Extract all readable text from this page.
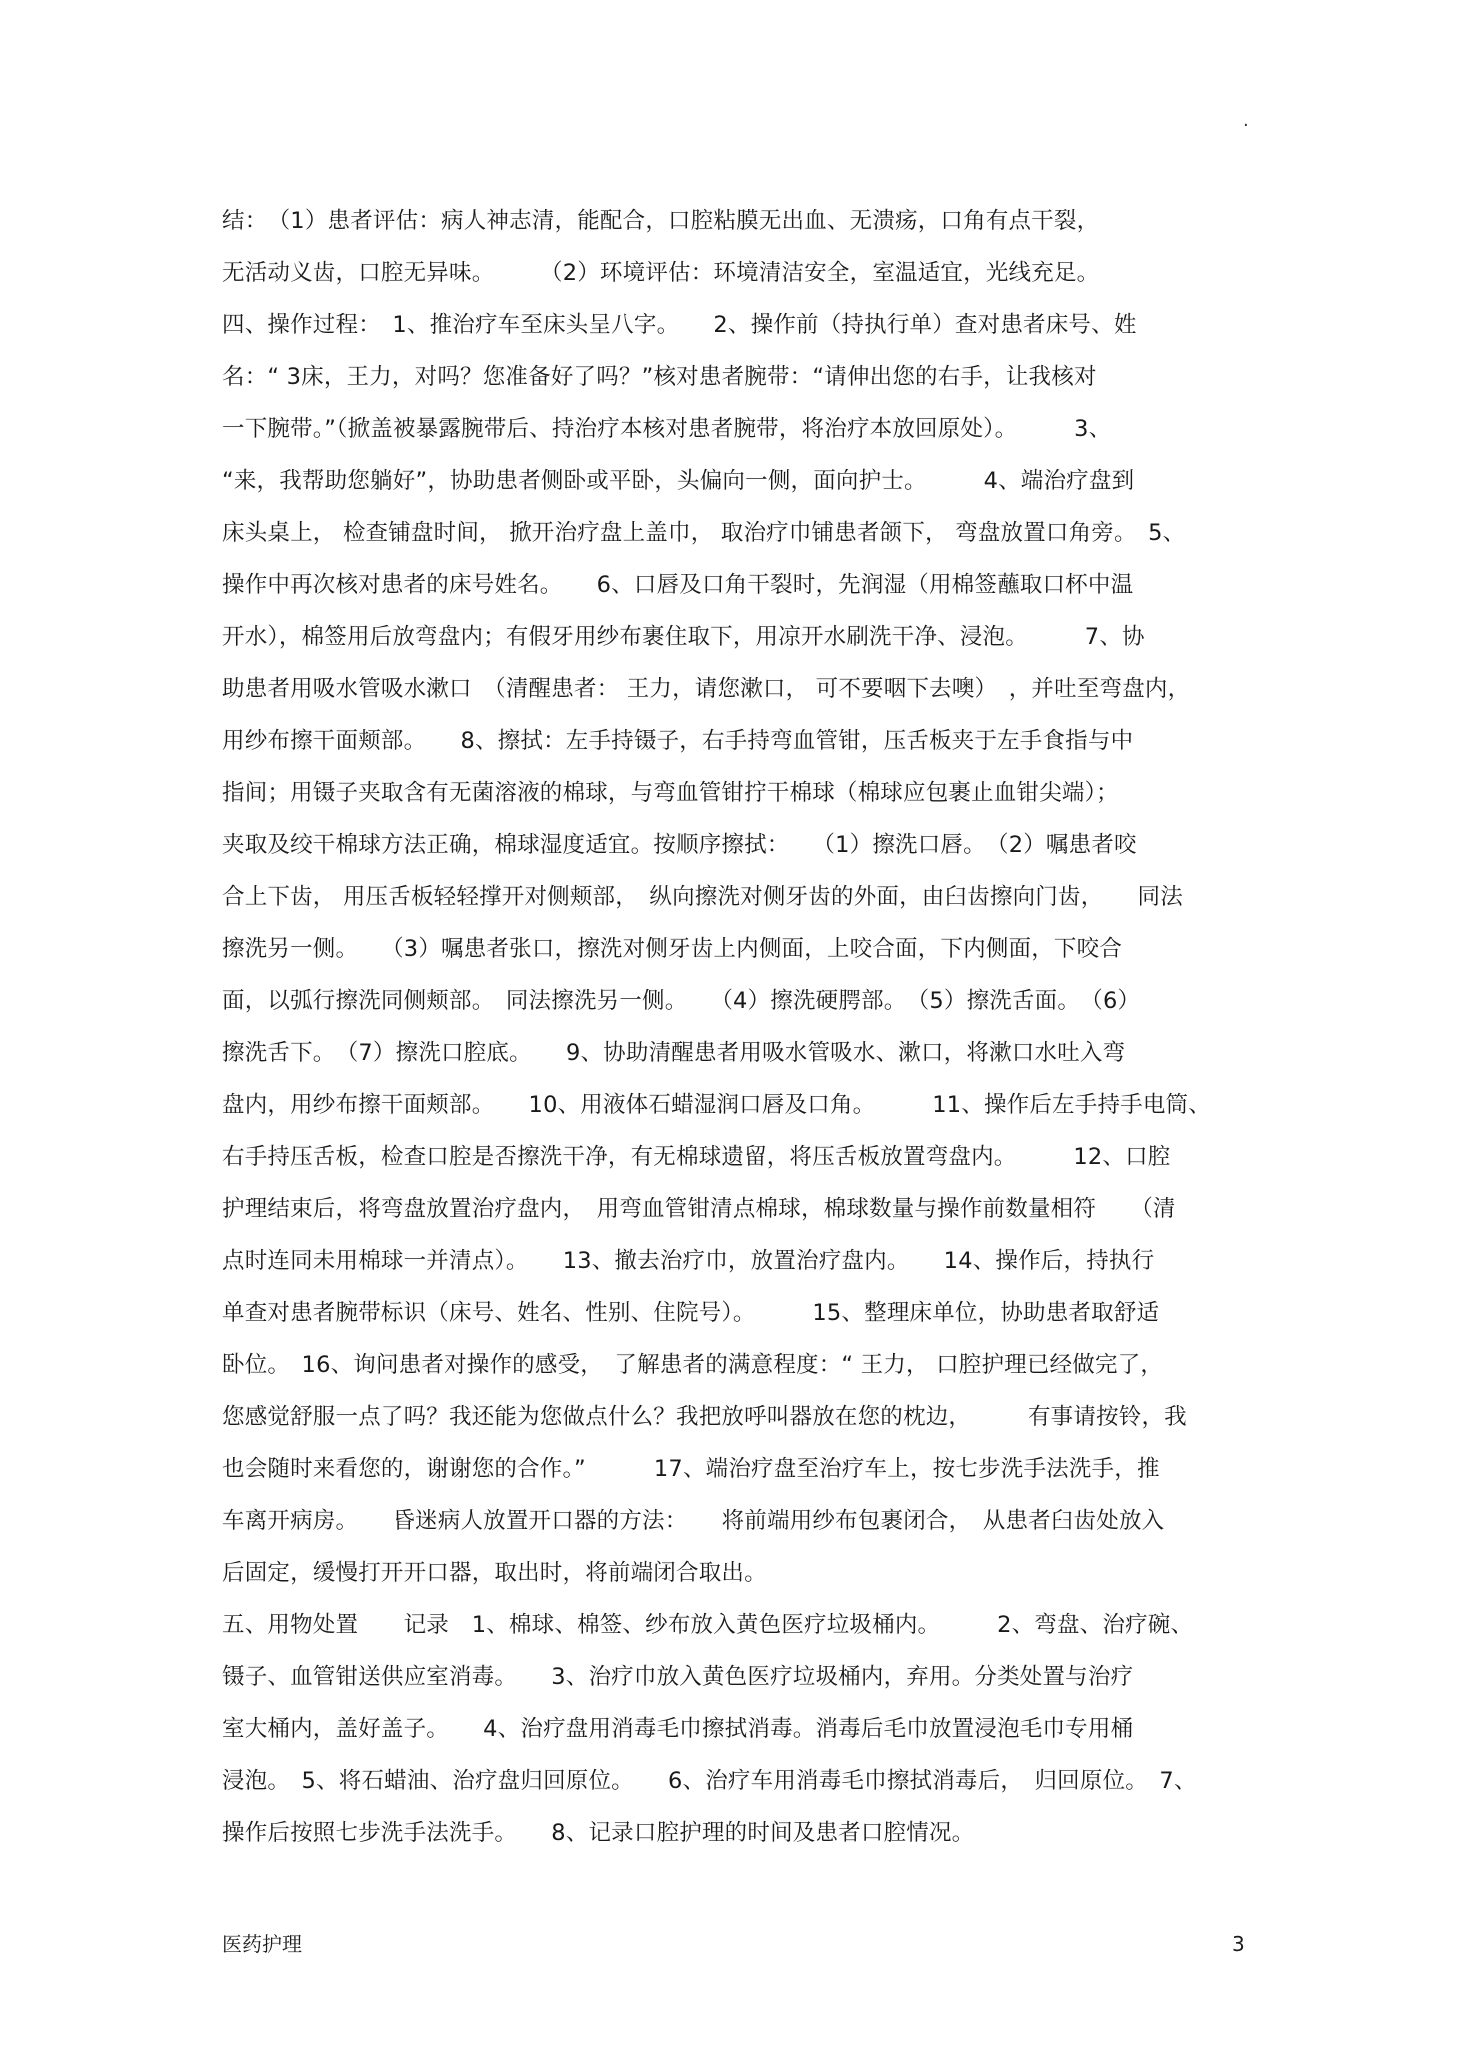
.
结：　（1）患者评估：病人神志清，能配合，口腔粘膜无出血、无溃疡，口角有点干裂，
无活动义齿，口腔无异味。　　　（2）环境评估：环境清洁安全，室温适宜，光线充足。
四、操作过程：　1、推治疗车至床头呈八字。　　2、操作前（持执行单）查对患者床号、姓
名：“ 3床，王力，对吗？您准备好了吗？”核对患者腕带：“请伸出您的右手，让我核对
一下腕带。”（掀盖被暴露腕带后、持治疗本核对患者腕带，将治疗本放回原处）。　　　3、
“来，我帮助您躺好”，协助患者侧卧或平卧，头偏向一侧，面向护士。　　　4、端治疗盘到
床头桌上， 检查铺盘时间， 掀开治疗盘上盖巾， 取治疗巾铺患者颌下， 弯盘放置口角旁。　5、
操作中再次核对患者的床号姓名。　　6、口唇及口角干裂时，先润湿（用棉签蘸取口杯中温
开水），棉签用后放弯盘内；有假牙用纱布裹住取下，用凉开水刷洗干净、浸泡。　　　7、协
助患者用吸水管吸水漱口　（清醒患者： 王力，请您漱口， 可不要咽下去噢）　，并吐至弯盘内，
用纱布擦干面颊部。　　8、擦拭：左手持镊子，右手持弯血管钳，压舌板夹于左手食指与中
指间；用镊子夹取含有无菌溶液的棉球，与弯血管钳拧干棉球（棉球应包裹止血钳尖端）；
夹取及绞干棉球方法正确，棉球湿度适宜。按顺序擦拭：　　（1）擦洗口唇。　（2）嘱患者咬
合上下齿， 用压舌板轻轻撑开对侧颊部，　纵向擦洗对侧牙齿的外面，由臼齿擦向门齿，　　同法
擦洗另一侧。　　（3）嘱患者张口，擦洗对侧牙齿上内侧面，上咬合面，下内侧面，下咬合
面，以弧行擦洗同侧颊部。　同法擦洗另一侧。　　（4）擦洗硬腭部。　（5）擦洗舌面。　（6）
擦洗舌下。　（7）擦洗口腔底。　　9、协助清醒患者用吸水管吸水、漱口，将漱口水吐入弯
盘内，用纱布擦干面颊部。　　10、用液体石蜡湿润口唇及口角。　　　11、操作后左手持手电筒、
右手持压舌板，检查口腔是否擦洗干净，有无棉球遗留，将压舌板放置弯盘内。　　　12、口腔
护理结束后，将弯盘放置治疗盘内，　用弯血管钳清点棉球，棉球数量与操作前数量相符　　（清
点时连同未用棉球一并清点）。　　13、撤去治疗巾，放置治疗盘内。　　14、操作后，持执行
单查对患者腕带标识（床号、姓名、性别、住院号）。　　　15、整理床单位，协助患者取舒适
卧位。　16、询问患者对操作的感受，　了解患者的满意程度：“ 王力， 口腔护理已经做完了，
您感觉舒服一点了吗？我还能为您做点什么？我把放呼叫器放在您的枕边，　　　有事请按铃，我
也会随时来看您的，谢谢您的合作。”　　　17、端治疗盘至治疗车上，按七步洗手法洗手，推
车离开病房。　　昏迷病人放置开口器的方法：　　将前端用纱布包裹闭合，　从患者臼齿处放入
后固定，缓慢打开开口器，取出时，将前端闭合取出。
五、用物处置　　记录　1、棉球、棉签、纱布放入黄色医疗垃圾桶内。　　　2、弯盘、治疗碗、
镊子、血管钳送供应室消毒。　　3、治疗巾放入黄色医疗垃圾桶内，弃用。分类处置与治疗
室大桶内，盖好盖子。　　4、治疗盘用消毒毛巾擦拭消毒。消毒后毛巾放置浸泡毛巾专用桶
浸泡。　5、将石蜡油、治疗盘归回原位。　　6、治疗车用消毒毛巾擦拭消毒后，　归回原位。　7、
操作后按照七步洗手法洗手。　　8、记录口腔护理的时间及患者口腔情况。
医药护理	3
